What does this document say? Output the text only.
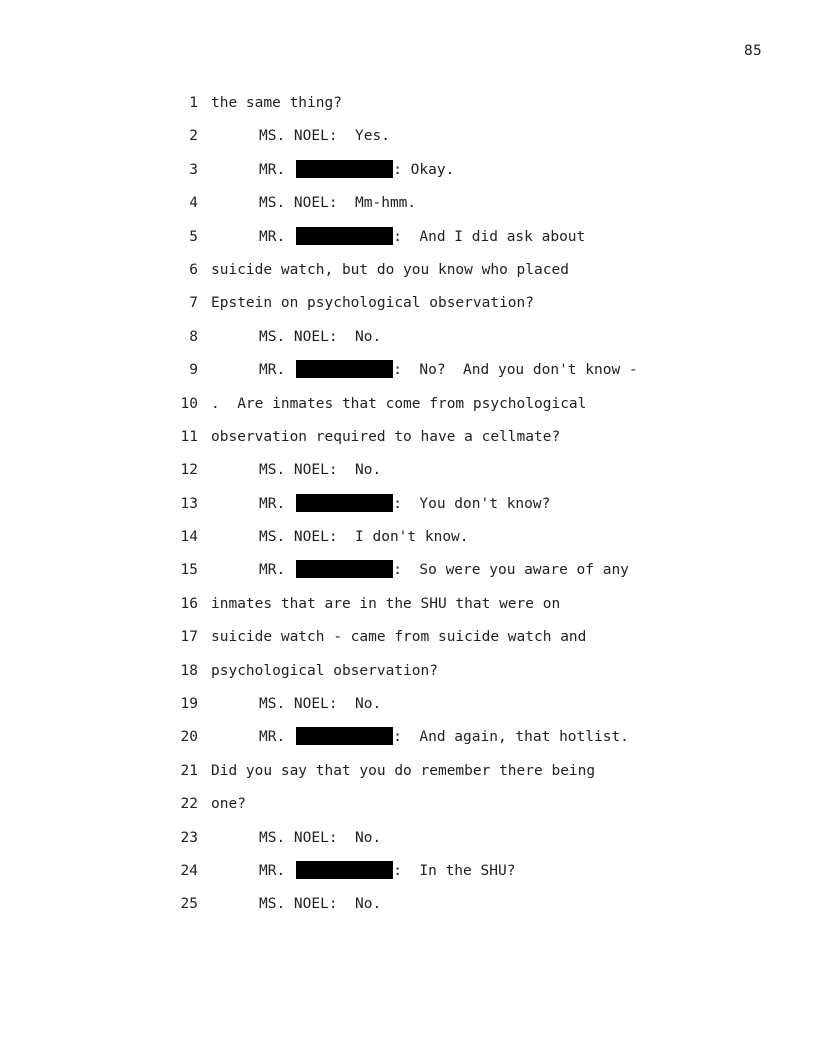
85
1 the same thing?
2	MS. NOEL:  Yes.
3	MR.	: Okay.
4	MS. NOEL:  Mm-hmm.
5	MR.	:  And I did ask about
6 suicide watch, but do you know who placed
7 Epstein on psychological observation?
8	MS. NOEL:  No.
9	MR.	:  No?  And you don't know -
10 .  Are inmates that come from psychological
11 observation required to have a cellmate?
12	MS. NOEL:  No.
13	MR.	:  You don't know?
14	MS. NOEL:  I don't know.
15	MR.	:  So were you aware of any
16 inmates that are in the SHU that were on
17 suicide watch - came from suicide watch and
18 psychological observation?
19	MS. NOEL:  No.
20	MR.	:  And again, that hotlist.
21 Did you say that you do remember there being
22 one?
23	MS. NOEL:  No.
24	MR.	:  In the SHU?
25	MS. NOEL:  No.
